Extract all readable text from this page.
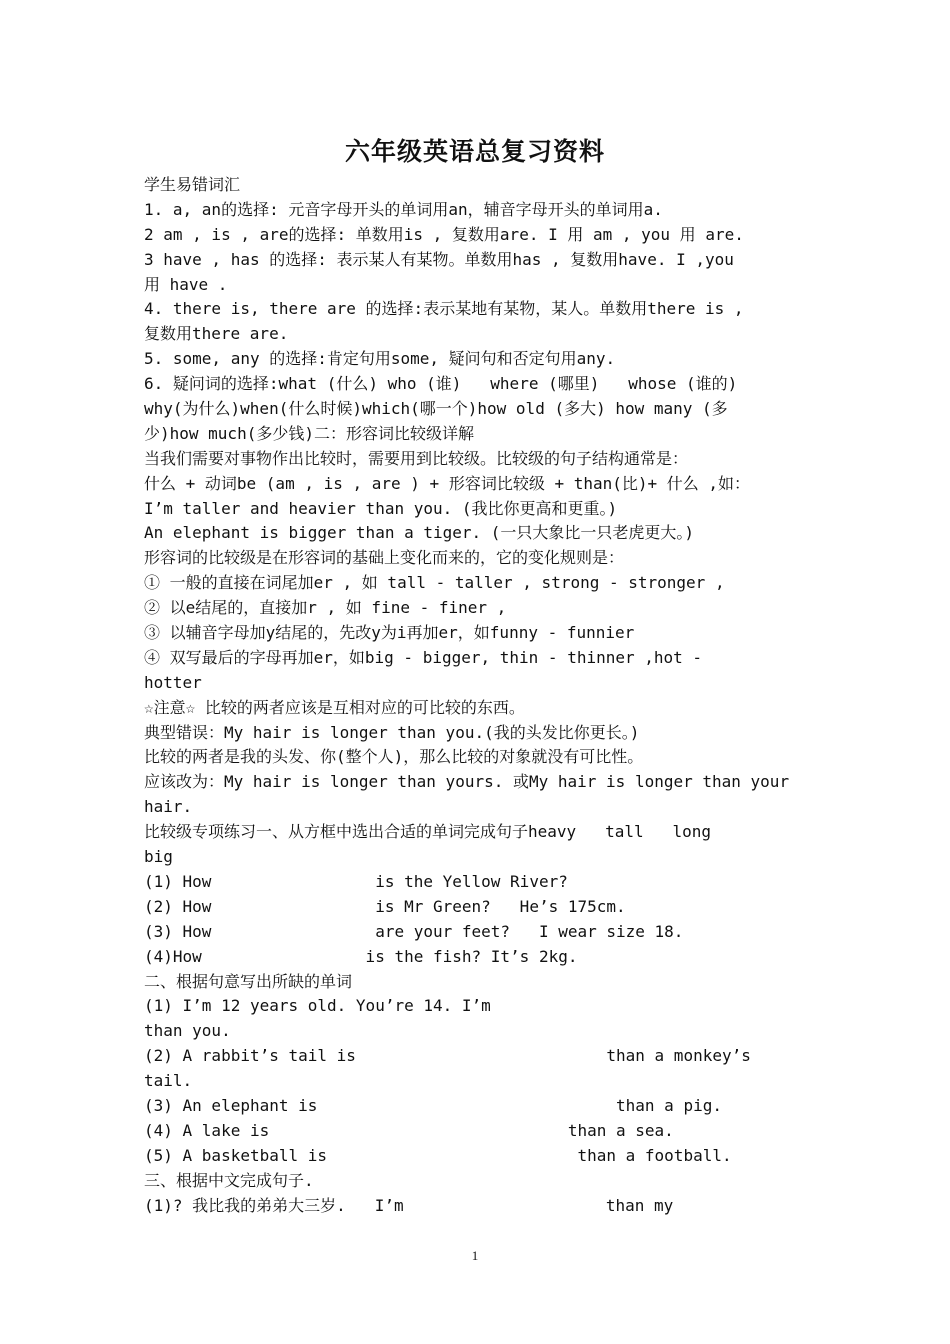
六年级英语总复习资料
学生易错词汇
1. a, an的选择: 元音字母开头的单词用an，辅音字母开头的单词用a.
2 am , is , are的选择: 单数用is , 复数用are. I 用 am , you 用 are.
3 have , has 的选择: 表示某人有某物。单数用has , 复数用have. I ,you
用 have .
4. there is, there are 的选择:表示某地有某物，某人。单数用there is ,
复数用there are.
5. some, any 的选择:肯定句用some, 疑问句和否定句用any.
6. 疑问词的选择:what (什么) who (谁)   where (哪里)   whose (谁的)
why(为什么)when(什么时候)which(哪一个)how old (多大) how many (多
少)how much(多少钱)二：形容词比较级详解
当我们需要对事物作出比较时，需要用到比较级。比较级的句子结构通常是：
什么 + 动词be (am , is , are ) + 形容词比较级 + than(比)+ 什么 ,如：
I’m taller and heavier than you. (我比你更高和更重。)
An elephant is bigger than a tiger. (一只大象比一只老虎更大。)
形容词的比较级是在形容词的基础上变化而来的，它的变化规则是：
① 一般的直接在词尾加er , 如 tall - taller , strong - stronger ,
② 以e结尾的，直接加r , 如 fine - finer ,
③ 以辅音字母加y结尾的，先改y为i再加er，如funny - funnier
④ 双写最后的字母再加er，如big - bigger, thin - thinner ,hot -
hotter
☆注意☆ 比较的两者应该是互相对应的可比较的东西。
典型错误：My hair is longer than you.(我的头发比你更长。)
比较的两者是我的头发、你(整个人)，那么比较的对象就没有可比性。
应该改为：My hair is longer than yours. 或My hair is longer than your
hair.
比较级专项练习一、从方框中选出合适的单词完成句子heavy   tall   long
big
(1) How                 is the Yellow River?
(2) How                 is Mr Green?   He’s 175cm.
(3) How                 are your feet?   I wear size 18.
(4)How                 is the fish? It’s 2kg.
二、根据句意写出所缺的单词
(1) I’m 12 years old. You’re 14. I’m
than you.
(2) A rabbit’s tail is                          than a monkey’s
tail.
(3) An elephant is                               than a pig.
(4) A lake is                               than a sea.
(5) A basketball is                          than a football.
三、根据中文完成句子.
(1)? 我比我的弟弟大三岁.   I’m                     than my
1
